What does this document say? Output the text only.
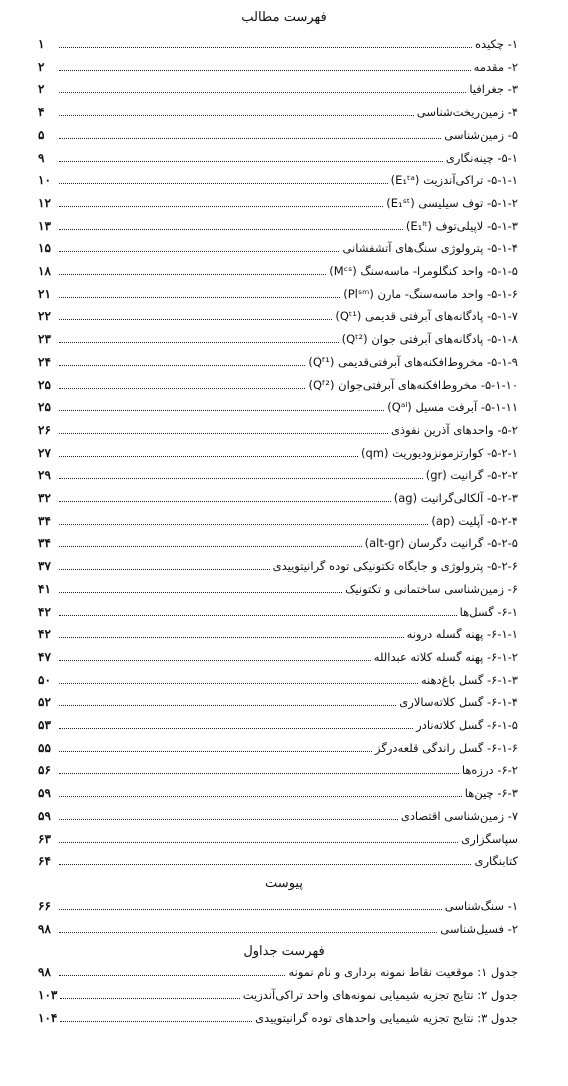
فهرست مطالب
۱- چکیده
۱
۲- مقدمه
۲
۳- جغرافیا
۲
۴- زمین‌ریخت‌شناسی
۴
۵- زمین‌شناسی
۵
۵-۱- چینه‌نگاری
۹
۵-۱-۱- تراکی‌آندزیت (E₁ᵗᵃ)
۱۰
۵-۱-۲- توف سیلیسی (E₁ˢᵗ)
۱۲
۵-۱-۳- لاپیلی‌توف (E₁ˡᵗ)
۱۳
۵-۱-۴- پترولوژی سنگ‌های آتشفشانی
۱۵
۵-۱-۵- واحد کنگلومرا- ماسه‌سنگ (Mᶜˢ)
۱۸
۵-۱-۶- واحد ماسه‌سنگ- مارن (Plˢᵐ)
۲۱
۵-۱-۷- پادگانه‌های آبرفتی قدیمی (Qᵗ¹)
۲۲
۵-۱-۸- پادگانه‌های آبرفتی جوان (Qᵗ²)
۲۳
۵-۱-۹- مخروط‌افکنه‌های آبرفتی‌قدیمی (Qᶠ¹)
۲۴
۵-۱-۱۰- مخروط‌افکنه‌های آبرفتی‌جوان (Qᶠ²)
۲۵
۵-۱-۱۱- آبرفت مسیل (Qᵃˡ)
۲۵
۵-۲- واحدهای آذرین نفوذی
۲۶
۵-۲-۱- کوارتزمونزودیوریت (qm)
۲۷
۵-۲-۲- گرانیت (gr)
۲۹
۵-۲-۳- آلکالی‌گرانیت (ag)
۳۲
۵-۲-۴- آپلیت (ap)
۳۴
۵-۲-۵- گرانیت دگرسان (alt-gr)
۳۴
۵-۲-۶- پترولوژی و جایگاه تکتونیکی توده گرانیتوییدی
۳۷
۶- زمین‌شناسی ساختمانی و تکتونیک
۴۱
۶-۱- گسل‌ها
۴۲
۶-۱-۱- پهنه گسله درونه
۴۲
۶-۱-۲- پهنه گسله کلاته عبدالله
۴۷
۶-۱-۳- گسل باغ‌دهنه
۵۰
۶-۱-۴- گسل کلاته‌سالاری
۵۲
۶-۱-۵- گسل کلاته‌نادر
۵۳
۶-۱-۶- گسل راندگی قلعه‌درگز
۵۵
۶-۲- درزه‌ها
۵۶
۶-۳- چین‌ها
۵۹
۷- زمین‌شناسی اقتصادی
۵۹
سپاسگزاری
۶۳
کتابنگاری
۶۴
پیوست
۱- سنگ‌شناسی
۶۶
۲- فسیل‌شناسی
۹۸
فهرست جداول
جدول ۱: موقعیت نقاط نمونه برداری و نام نمونه
۹۸
جدول ۲: نتایج تجزیه شیمیایی نمونه‌های واحد تراکی‌آندزیت
۱۰۳
جدول ۳: نتایج تجزیه شیمیایی واحدهای توده گرانیتوییدی
۱۰۴
